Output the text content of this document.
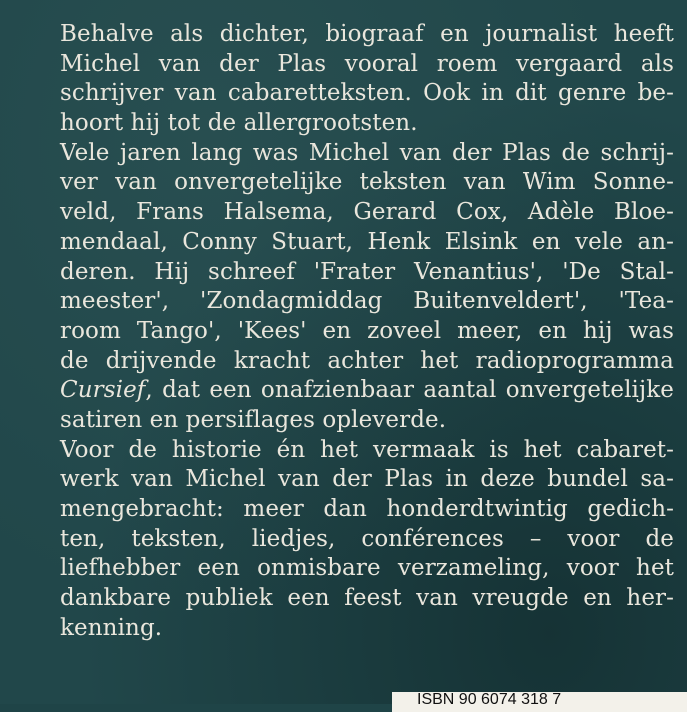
Behalve als dichter, biograaf en journalist heeft
Michel van der Plas vooral roem vergaard als
schrijver van cabaretteksten. Ook in dit genre be-
hoort hij tot de allergrootsten.
Vele jaren lang was Michel van der Plas de schrij-
ver van onvergetelijke teksten van Wim Sonne-
veld, Frans Halsema, Gerard Cox, Adèle Bloe-
mendaal, Conny Stuart, Henk Elsink en vele an-
deren. Hij schreef 'Frater Venantius', 'De Stal-
meester', 'Zondagmiddag Buitenveldert', 'Tea-
room Tango', 'Kees' en zoveel meer, en hij was
de drijvende kracht achter het radioprogramma
Cursief, dat een onafzienbaar aantal onvergetelijke
satiren en persiflages opleverde.
Voor de historie én het vermaak is het cabaret-
werk van Michel van der Plas in deze bundel sa-
mengebracht: meer dan honderdtwintig gedich-
ten, teksten, liedjes, conférences – voor de
liefhebber een onmisbare verzameling, voor het
dankbare publiek een feest van vreugde en her-
kenning.
ISBN 90 6074 318 7
